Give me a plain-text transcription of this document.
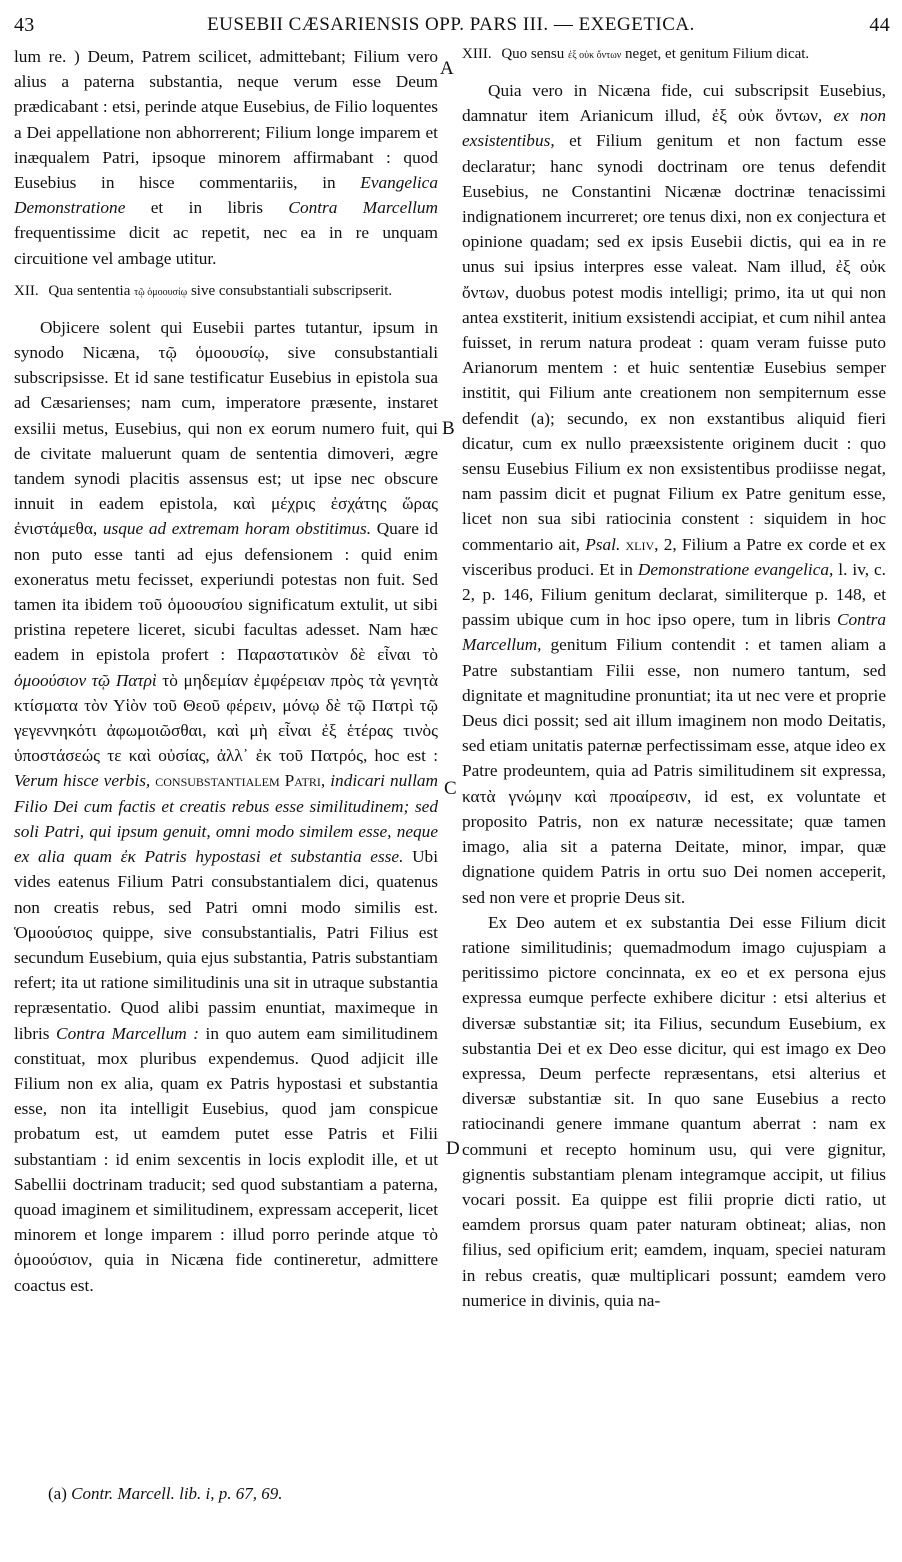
43	EUSEBII CÆSARIENSIS OPP. PARS III. — EXEGETICA.	44
A
B
C
D

lum re. ) Deum, Patrem scilicet, admittebant; Filium vero alius a paterna substantia, neque verum esse Deum prædicabant : etsi, perinde atque Eusebius, de Filio loquentes a Dei appellatione non abhorrerent; Filium longe imparem et inæqualem Patri, ipsoque minorem affirmabant : quod Eusebius in hisce commentariis, in Evangelica Demonstratione et in libris Contra Marcellum frequentissime dicit ac repetit, nec ea in re unquam circuitione vel ambage utitur.

XII. Qua sententia τῷ ὁμοουσίῳ sive consubstantiali subscripserit.

Objicere solent qui Eusebii partes tutantur, ipsum in synodo Nicæna, τῷ ὁμοουσίῳ, sive consubstantiali subscripsisse. Et id sane testificatur Eusebius in epistola sua ad Cæsarienses; nam cum, imperatore præsente, instaret exsilii metus, Eusebius, qui non ex eorum numero fuit, qui de civitate maluerunt quam de sententia dimoveri, ægre tandem synodi placitis assensus est; ut ipse nec obscure innuit in eadem epistola, καὶ μέχρις ἐσχάτης ὥρας ἐνιστάμεθα, usque ad extremam horam obstitimus. Quare id non puto esse tanti ad ejus defensionem : quid enim exoneratus metu fecisset, experiundi potestas non fuit. Sed tamen ita ibidem τοῦ ὁμοουσίου significatum extulit, ut sibi pristina repetere liceret, sicubi facultas adesset. Nam hæc eadem in epistola profert : Παραστατικὸν δὲ εἶναι τὸ ὁμοούσιον τῷ Πατρὶ τὸ μηδεμίαν ἐμφέρειαν πρὸς τὰ γενητὰ κτίσματα τὸν Υἱὸν τοῦ Θεοῦ φέρειν, μόνῳ δὲ τῷ Πατρὶ τῷ γεγεννηκότι ἀφωμοιῶσθαι, καὶ μὴ εἶναι ἐξ ἑτέρας τινὸς ὑποστάσεώς τε καὶ οὐσίας, ἀλλ᾽ ἐκ τοῦ Πατρός, hoc est : Verum hisce verbis, consubstantialem Patri, indicari nullam Filio Dei cum factis et creatis rebus esse similitudinem; sed soli Patri, qui ipsum genuit, omni modo similem esse, neque ex alia quam ἐκ Patris hypostasi et substantia esse. Ubi vides eatenus Filium Patri consubstantialem dici, quatenus non creatis rebus, sed Patri omni modo similis est. Ὁμοούσιος quippe, sive consubstantialis, Patri Filius est secundum Eusebium, quia ejus substantia, Patris substantiam refert; ita ut ratione similitudinis una sit in utraque substantia repræsentatio. Quod alibi passim enuntiat, maximeque in libris Contra Marcellum : in quo autem eam similitudinem constituat, mox pluribus expendemus. Quod adjicit ille Filium non ex alia, quam ex Patris hypostasi et substantia esse, non ita intelligit Eusebius, quod jam conspicue probatum est, ut eamdem putet esse Patris et Filii substantiam : id enim sexcentis in locis explodit ille, et ut Sabellii doctrinam traducit; sed quod substantiam a paterna, quoad imaginem et similitudinem, expressam acceperit, licet minorem et longe imparem : illud porro perinde atque τὸ ὁμοούσιον, quia in Nicæna fide contineretur, admittere coactus est.

XIII. Quo sensu ἐξ οὐκ ὄντων neget, et genitum Filium dicat.

Quia vero in Nicæna fide, cui subscripsit Eusebius, damnatur item Arianicum illud, ἐξ οὐκ ὄντων, ex non exsistentibus, et Filium genitum et non factum esse declaratur; hanc synodi doctrinam ore tenus defendit Eusebius, ne Constantini Nicænæ doctrinæ tenacissimi indignationem incurreret; ore tenus dixi, non ex conjectura et opinione quadam; sed ex ipsis Eusebii dictis, qui ea in re unus sui ipsius interpres esse valeat. Nam illud, ἐξ οὐκ ὄντων, duobus potest modis intelligi; primo, ita ut qui non antea exstiterit, initium exsistendi accipiat, et cum nihil antea fuisset, in rerum natura prodeat : quam veram fuisse puto Arianorum mentem : et huic sententiæ Eusebius semper institit, qui Filium ante creationem non sempiternum esse defendit (a); secundo, ex non exstantibus aliquid fieri dicatur, cum ex nullo præexsistente originem ducit : quo sensu Eusebius Filium ex non exsistentibus prodiisse negat, nam passim dicit et pugnat Filium ex Patre genitum esse, licet non sua sibi ratiocinia constent : siquidem in hoc commentario ait, Psal. xliv, 2, Filium a Patre ex corde et ex visceribus produci. Et in Demonstratione evangelica, l. iv, c. 2, p. 146, Filium genitum declarat, similiterque p. 148, et passim ubique cum in hoc ipso opere, tum in libris Contra Marcellum, genitum Filium contendit : et tamen aliam a Patre substantiam Filii esse, non numero tantum, sed dignitate et magnitudine pronuntiat; ita ut nec vere et proprie Deus dici possit; sed ait illum imaginem non modo Deitatis, sed etiam unitatis paternæ perfectissimam esse, atque ideo ex Patre prodeuntem, quia ad Patris similitudinem sit expressa, κατὰ γνώμην καὶ προαίρεσιν, id est, ex voluntate et proposito Patris, non ex naturæ necessitate; quæ tamen imago, alia sit a paterna Deitate, minor, impar, quæ dignatione quidem Patris in ortu suo Dei nomen acceperit, sed non vere et proprie Deus sit.

Ex Deo autem et ex substantia Dei esse Filium dicit ratione similitudinis; quemadmodum imago cujuspiam a peritissimo pictore concinnata, ex eo et ex persona ejus expressa eumque perfecte exhibere dicitur : etsi alterius et diversæ substantiæ sit; ita Filius, secundum Eusebium, ex substantia Dei et ex Deo esse dicitur, qui est imago ex Deo expressa, Deum perfecte repræsentans, etsi alterius et diversæ substantiæ sit. In quo sane Eusebius a recto ratiocinandi genere immane quantum aberrat : nam ex communi et recepto hominum usu, qui vere gignitur, gignentis substantiam plenam integramque accipit, ut filius vocari possit. Ea quippe est filii proprie dicti ratio, ut eamdem prorsus quam pater naturam obtineat; alias, non filius, sed opificium erit; eamdem, inquam, speciei naturam in rebus creatis, quæ multiplicari possunt; eamdem vero numerice in divinis, quia na-

(a) Contr. Marcell. lib. i, p. 67, 69.
